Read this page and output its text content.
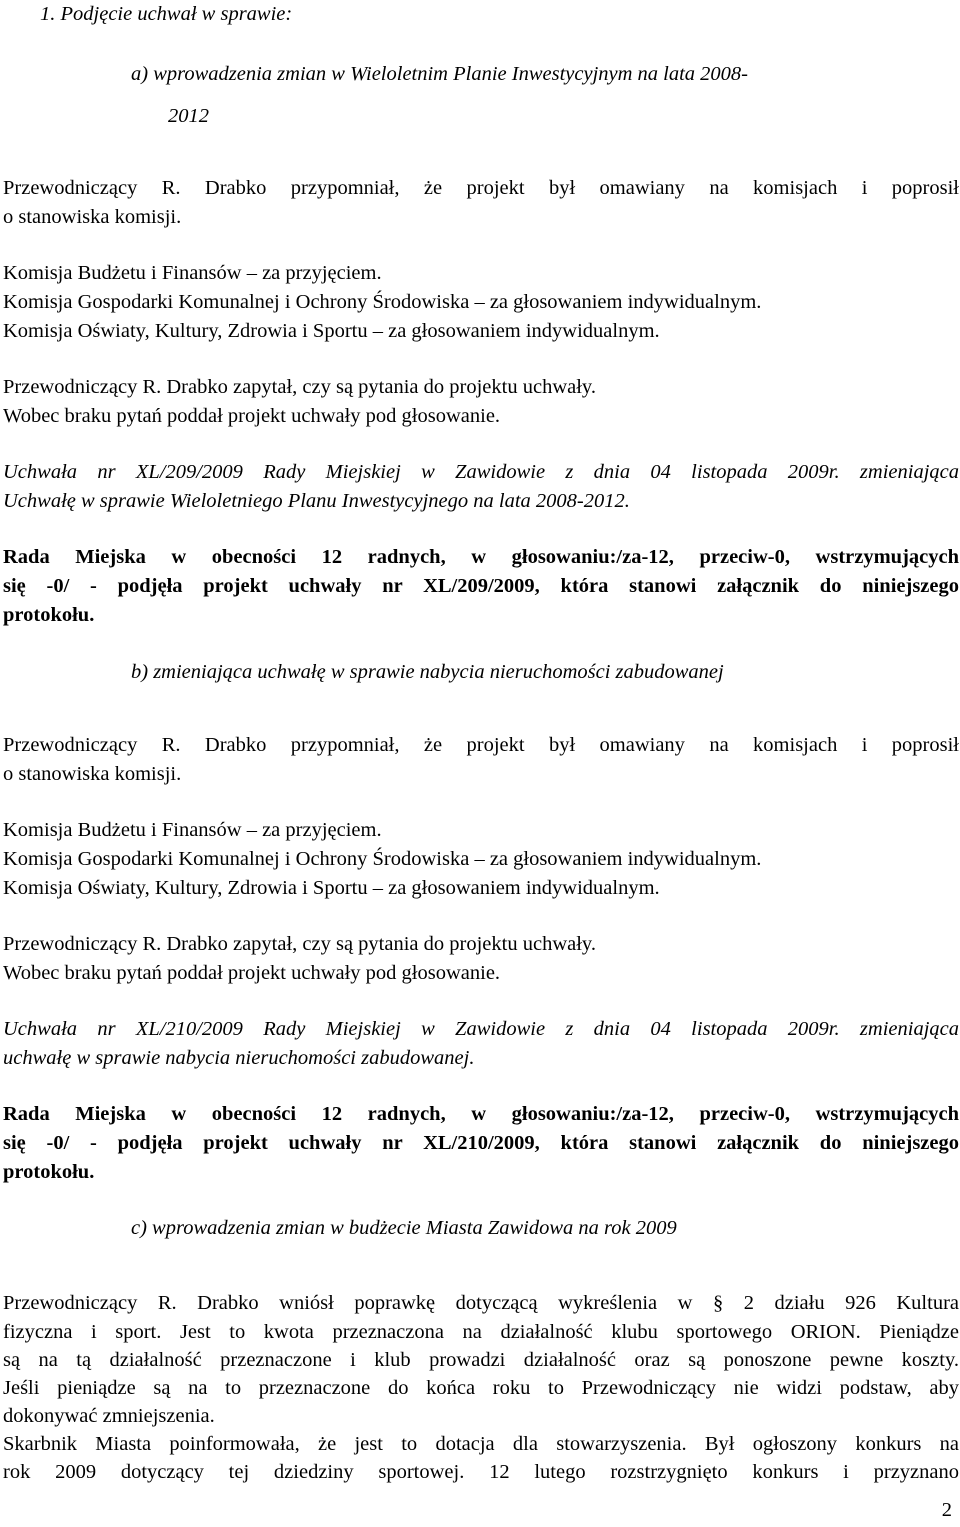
1. Podjęcie uchwał w sprawie:
a) wprowadzenia zmian w Wieloletnim Planie Inwestycyjnym na lata 2008-
2012
Przewodniczący R. Drabko przypomniał, że projekt był omawiany na komisjach i poprosił
o stanowiska komisji.
Komisja Budżetu i Finansów – za przyjęciem.
Komisja Gospodarki Komunalnej i Ochrony Środowiska – za głosowaniem indywidualnym.
Komisja Oświaty, Kultury, Zdrowia i Sportu – za głosowaniem indywidualnym.
Przewodniczący R. Drabko zapytał, czy są pytania do projektu uchwały.
Wobec braku pytań poddał projekt uchwały pod głosowanie.
Uchwała nr XL/209/2009 Rady Miejskiej w Zawidowie z dnia 04 listopada 2009r. zmieniająca
Uchwałę w sprawie Wieloletniego Planu Inwestycyjnego na lata 2008-2012.
Rada Miejska w obecności 12 radnych, w głosowaniu:/za-12, przeciw-0, wstrzymujących
się -0/ - podjęła projekt uchwały nr XL/209/2009, która stanowi załącznik do niniejszego
protokołu.
b) zmieniająca uchwałę w sprawie nabycia nieruchomości zabudowanej
Przewodniczący R. Drabko przypomniał, że projekt był omawiany na komisjach i poprosił
o stanowiska komisji.
Komisja Budżetu i Finansów – za przyjęciem.
Komisja Gospodarki Komunalnej i Ochrony Środowiska – za głosowaniem indywidualnym.
Komisja Oświaty, Kultury, Zdrowia i Sportu – za głosowaniem indywidualnym.
Przewodniczący R. Drabko zapytał, czy są pytania do projektu uchwały.
Wobec braku pytań poddał projekt uchwały pod głosowanie.
Uchwała nr XL/210/2009 Rady Miejskiej w Zawidowie z dnia 04 listopada 2009r. zmieniająca
uchwałę w sprawie nabycia nieruchomości zabudowanej.
Rada Miejska w obecności 12 radnych, w głosowaniu:/za-12, przeciw-0, wstrzymujących
się -0/ - podjęła projekt uchwały nr XL/210/2009, która stanowi załącznik do niniejszego
protokołu.
c) wprowadzenia zmian w budżecie Miasta Zawidowa na rok 2009
Przewodniczący R. Drabko wniósł poprawkę dotyczącą wykreślenia w § 2 działu 926 Kultura
fizyczna i sport. Jest to kwota przeznaczona na działalność klubu sportowego ORION. Pieniądze
są na tą działalność przeznaczone i klub prowadzi działalność oraz są ponoszone pewne koszty.
Jeśli pieniądze są na to przeznaczone do końca roku to Przewodniczący nie widzi podstaw, aby
dokonywać zmniejszenia.
Skarbnik Miasta poinformowała, że jest to dotacja dla stowarzyszenia. Był ogłoszony konkurs na
rok 2009 dotyczący tej dziedziny sportowej. 12 lutego rozstrzygnięto konkurs i przyznano
2
